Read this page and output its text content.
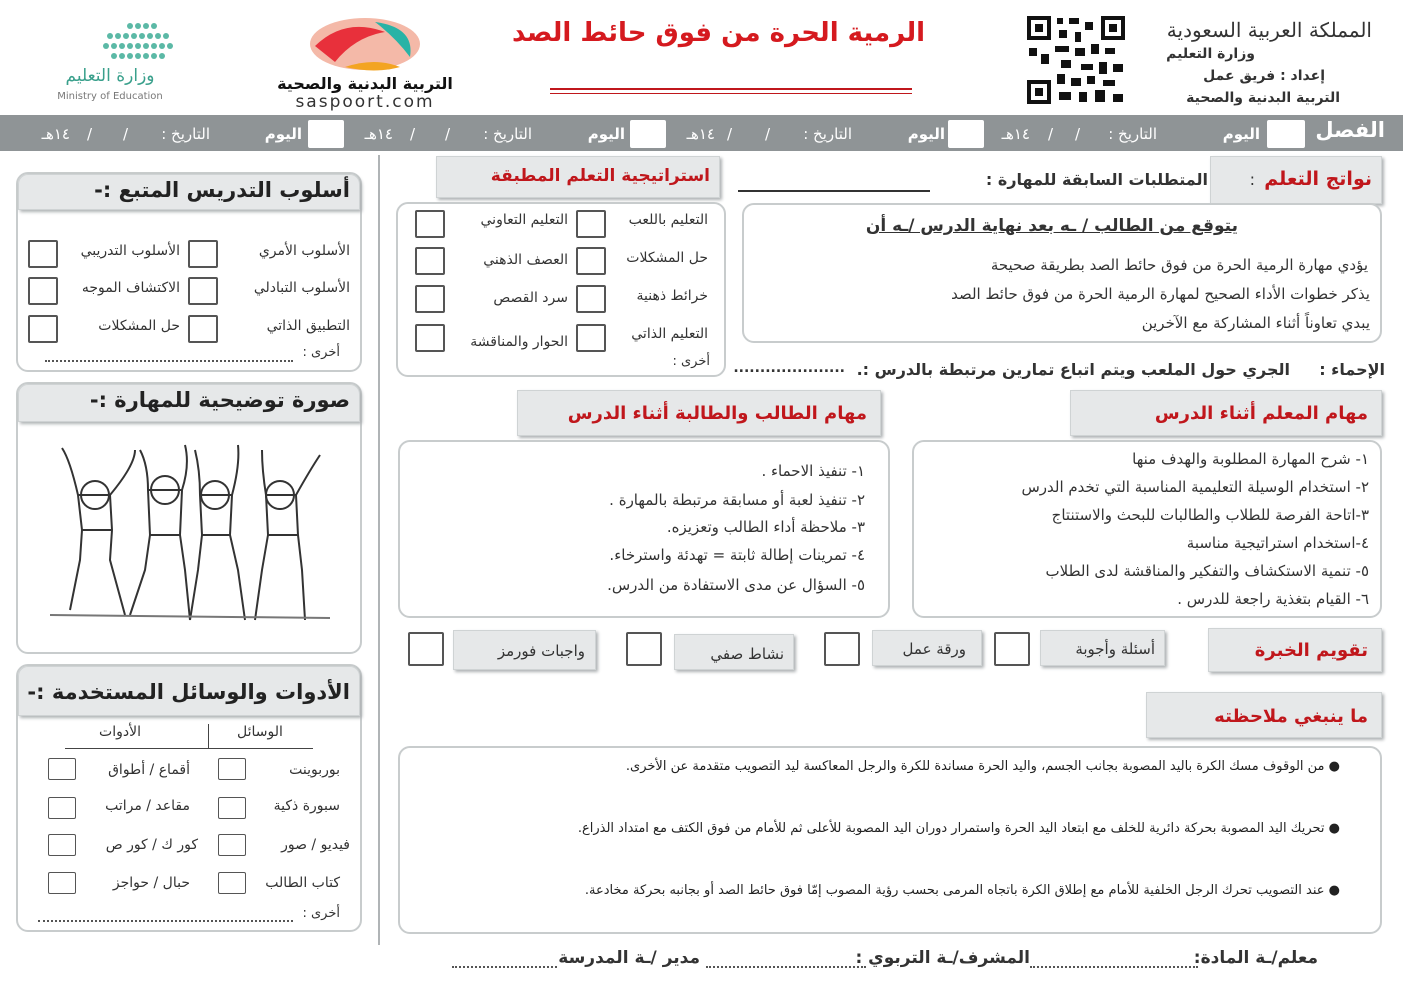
وزارة التعليم
Ministry of Education
التربية البدنية والصحية
saspoort.com
الرمية الحرة من فوق حائط الصد	المملكة العربية السعودية
وزارة التعليم
إعداد : فريق عمل
التربية البدنية والصحية
الفصل
اليوم
التاريخ :
/
/
١٤هـ
اليوم
التاريخ :
/
/
١٤هـ
اليوم
التاريخ :
/
/
١٤هـ
اليوم
التاريخ :
/
/
١٤هـ
أسلوب التدريس المتبع :-
الأسلوب الأمري
الأسلوب التدريبي
الأسلوب التبادلي
الاكتشاف الموجه
التطبيق الذاتي
حل المشكلات
أخرى :
صورة توضيحية للمهارة :-
الأدوات والوسائل المستخدمة :-
الوسائل
الأدوات
بوربوينت
أقماع / أطواق
سبورة ذكية
مقاعد / مراتب
فيديو / صور
كور ك / كور ص
كتاب الطالب
حبال / حواجز
أخرى :
استراتيجية التعلم المطبقة
التعليم باللعب
التعليم التعاوني
حل المشكلات
العصف الذهني
خرائط ذهنية
سرد القصص
التعليم الذاتي
الحوار والمناقشة
أخرى :
نواتج التعلم
:
المتطلبات السابقة للمهارة :
يتوقع من الطالب / ـه بعد نهاية الدرس /ـه أن
يؤدي مهارة الرمية الحرة من فوق حائط الصد بطريقة صحيحة
يذكر خطوات الأداء الصحيح لمهارة الرمية الحرة من فوق حائط الصد
يبدي تعاوناً أثناء المشاركة مع الآخرين
الإحماء :
الجري حول الملعب ويتم اتباع تمارين مرتبطة بالدرس :.
.....................
مهام المعلم أثناء الدرس
١- شرح المهارة المطلوبة والهدف منها
٢- استخدام الوسيلة التعليمية المناسبة التي تخدم الدرس
٣-اتاحة الفرصة للطلاب والطالبات للبحث والاستنتاج
٤-استخدام استراتيجية مناسبة
٥- تنمية الاستكشاف والتفكير والمناقشة لدى الطلاب
٦- القيام بتغذية راجعة للدرس .
مهام الطالب والطالبة أثناء الدرس
١- تنفيذ الاحماء .
٢- تنفيذ لعبة أو مسابقة مرتبطة بالمهارة .
٣- ملاحظة أداء الطالب وتعزيزه.
٤- تمرينات إطالة ثابتة = تهدئة واسترخاء.
٥- السؤال عن مدى الاستفادة من الدرس.
تقويم الخبرة
أسئلة وأجوبة
ورقة عمل
نشاط صفي
واجبات فورمز
ما ينبغي ملاحظته
● من الوقوف مسك الكرة باليد المصوبة بجانب الجسم، واليد الحرة مساندة للكرة والرجل المعاكسة ليد التصويب متقدمة عن الأخرى.
● تحريك اليد المصوبة بحركة دائرية للخلف مع ابتعاد اليد الحرة واستمرار دوران اليد المصوبة للأعلى ثم للأمام من فوق الكتف مع امتداد الذراع.
● عند التصويب تحرك الرجل الخلفية للأمام مع إطلاق الكرة باتجاه المرمى بحسب رؤية المصوب إمّا فوق حائط الصد أو بجانبه بحركة مخادعة.
معلم/ـة المادة:
المشرف/ـة التربوي :
مدير /ـة المدرسة
